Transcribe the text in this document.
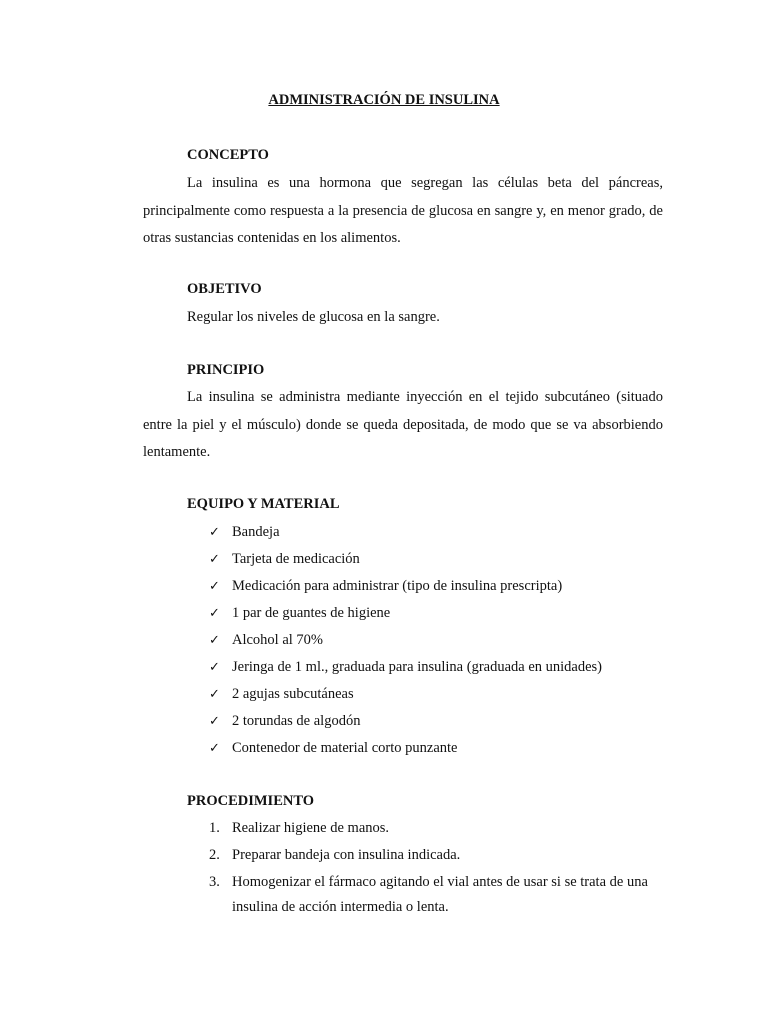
ADMINISTRACIÓN DE INSULINA
CONCEPTO

La insulina es una hormona que segregan las células beta del páncreas, principalmente como respuesta a la presencia de glucosa en sangre y, en menor grado, de otras sustancias contenidas en los alimentos.

OBJETIVO
Regular los niveles de glucosa en la sangre.
PRINCIPIO

La insulina se administra mediante inyección en el tejido subcutáneo (situado entre la piel y el músculo) donde se queda depositada, de modo que se va absorbiendo lentamente.

EQUIPO Y MATERIAL
✓ Bandeja
✓ Tarjeta de medicación
✓ Medicación para administrar (tipo de insulina prescripta)
✓ 1 par de guantes de higiene
✓ Alcohol al 70%
✓ Jeringa de 1 ml., graduada para insulina (graduada en unidades)
✓ 2 agujas subcutáneas
✓ 2 torundas de algodón
✓ Contenedor de material corto punzante
PROCEDIMIENTO
1. Realizar higiene de manos.
2. Preparar bandeja con insulina indicada.
3. Homogenizar el fármaco agitando el vial antes de usar si se trata de una
insulina de acción intermedia o lenta.
